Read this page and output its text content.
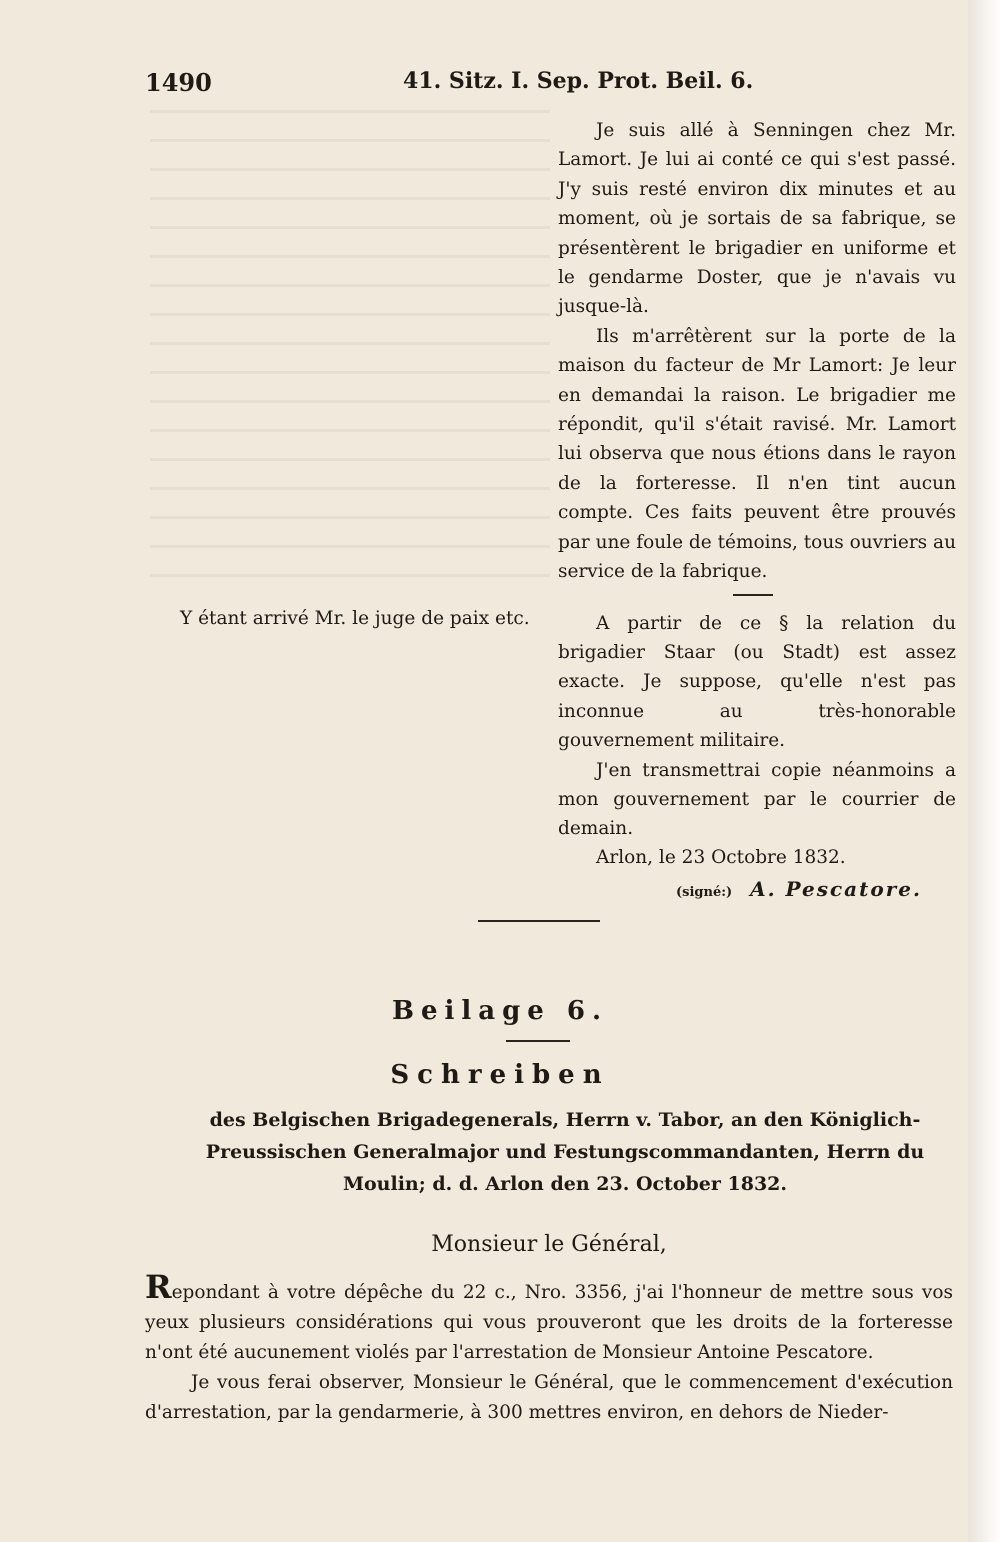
1490	41. Sitz. I. Sep. Prot. Beil. 6.

Je suis allé à Senningen chez Mr. Lamort. Je lui ai conté ce qui s'est passé. J'y suis resté environ dix minutes et au moment, où je sortais de sa fabrique, se présentèrent le brigadier en uniforme et le gendarme Doster, que je n'avais vu jusque-là.

Ils m'arrêtèrent sur la porte de la maison du facteur de Mr Lamort: Je leur en demandai la raison. Le brigadier me répondit, qu'il s'était ravisé. Mr. Lamort lui observa que nous étions dans le rayon de la forteresse. Il n'en tint aucun compte. Ces faits peuvent être prouvés par une foule de témoins, tous ouvriers au service de la fabrique.

A partir de ce § la relation du brigadier Staar (ou Stadt) est assez exacte. Je suppose, qu'elle n'est pas inconnue au très-honorable gouvernement militaire.

J'en transmettrai copie néanmoins a mon gouvernement par le courrier de demain.

Y étant arrivé Mr. le juge de paix etc.
Arlon, le 23 Octobre 1832.
(signé:) A. Pescatore.
Beilage 6.
Schreiben
des Belgischen Brigadegenerals, Herrn v. Tabor, an den Königlich-Preussischen Generalmajor und Festungscommandanten, Herrn du Moulin; d. d. Arlon den 23. October 1832.
Monsieur le Général,

Repondant à votre dépêche du 22 c., Nro. 3356, j'ai l'honneur de mettre sous vos yeux plusieurs considérations qui vous prouveront que les droits de la forteresse n'ont été aucunement violés par l'arrestation de Monsieur Antoine Pescatore.

Je vous ferai observer, Monsieur le Général, que le commencement d'exécution d'arrestation, par la gendarmerie, à 300 mettres environ, en dehors de Nieder-
